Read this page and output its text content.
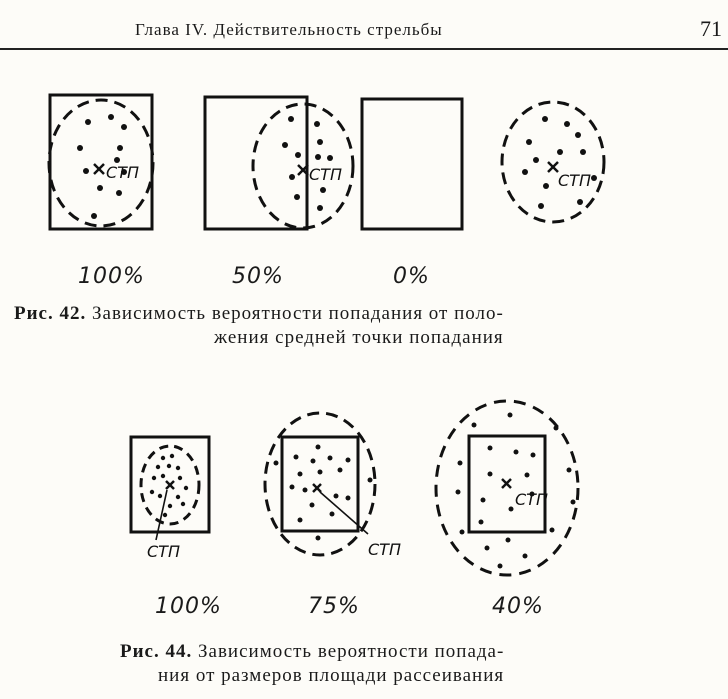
Глава IV. Действительность стрельбы	71
СТП	СТП	СТП
СТП	СТП
СТП
100%	50%	0%
Рис. 42. Зависимость вероятности попадания от поло-
жения средней точки попадания
100%	75%	40%
Рис. 44. Зависимость вероятности попада-
ния от размеров площади рассеивания
